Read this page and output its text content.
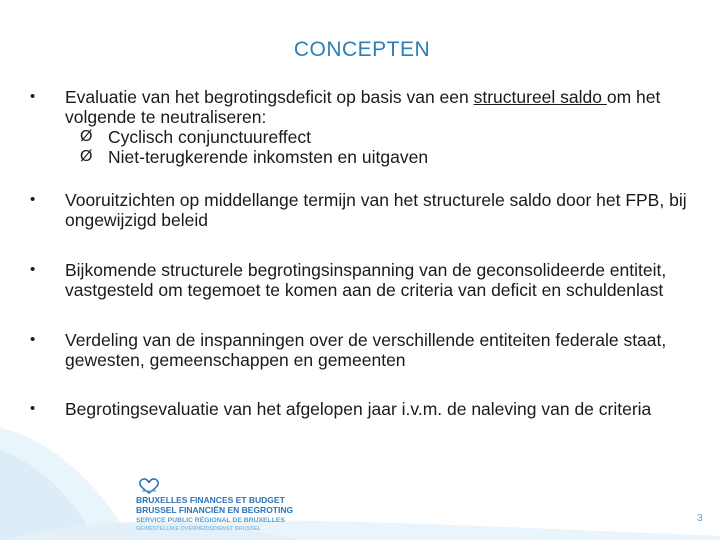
CONCEPTEN
• Evaluatie van het begrotingsdeficit op basis van een structureel saldo om het volgende te neutraliseren:
Ø Cyclisch conjunctuureffect
Ø Niet-terugkerende inkomsten en uitgaven
• Vooruitzichten op middellange termijn van het structurele saldo door het FPB, bij ongewijzigd beleid
• Bijkomende structurele begrotingsinspanning van de geconsolideerde entiteit, vastgesteld om tegemoet te komen aan de criteria van deficit en schuldenlast
• Verdeling van de inspanningen over de verschillende entiteiten federale staat, gewesten, gemeenschappen en gemeenten
• Begrotingsevaluatie van het afgelopen jaar i.v.m. de naleving van de criteria
BRUXELLES FINANCES ET BUDGET
BRUSSEL FINANCIËN EN BEGROTING
SERVICE PUBLIC RÉGIONAL DE BRUXELLES
GEWESTELIJKE OVERHEIDSDIENST BRUSSEL
3
